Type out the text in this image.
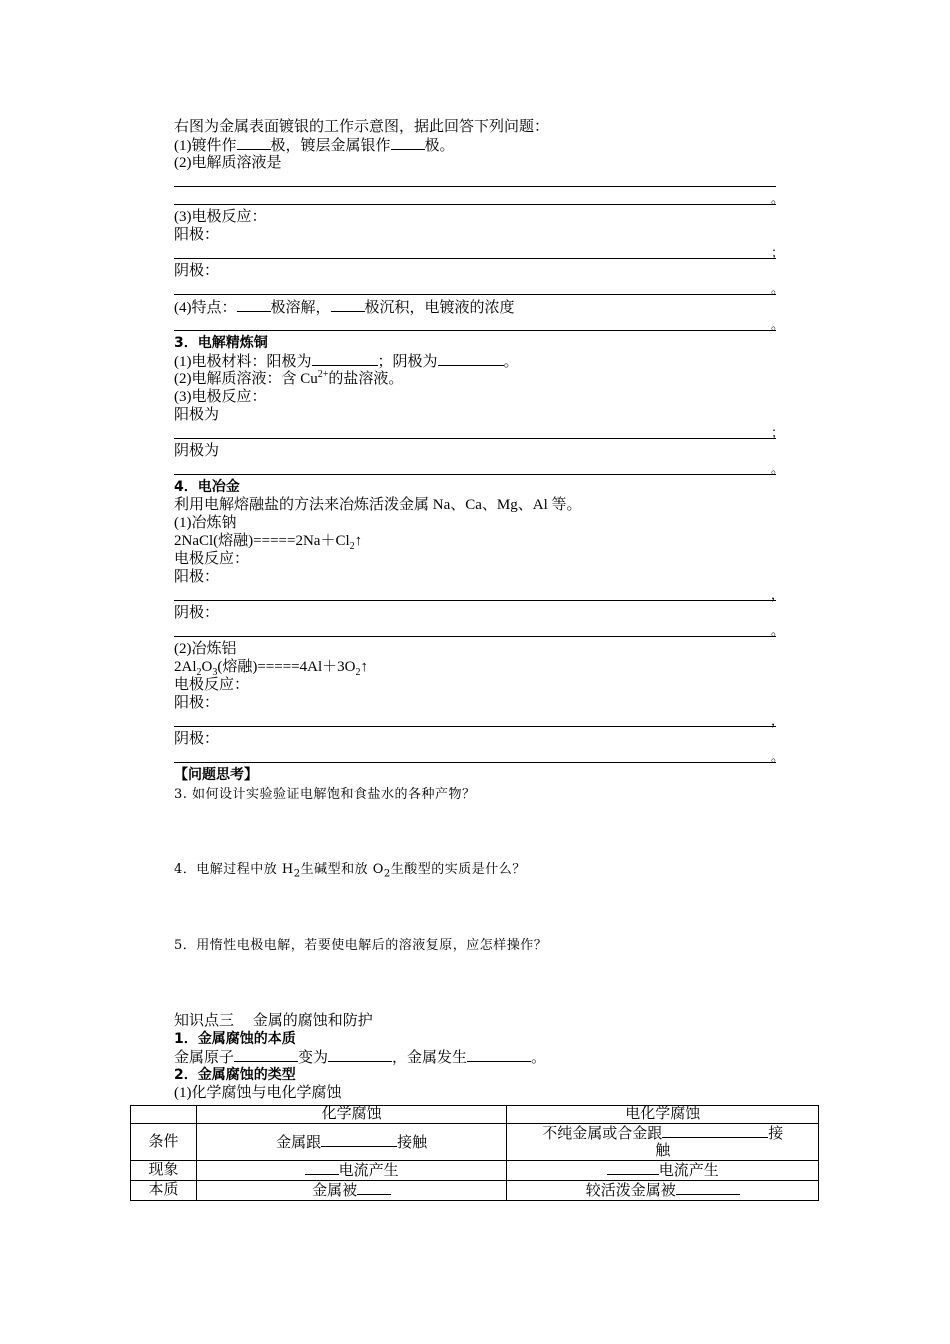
右图为金属表面镀银的工作示意图，据此回答下列问题：
(1)镀件作 极，镀层金属银作 极。
(2)电解质溶液是
。
(3)电极反应：
阳极：
；
阴极：
。
(4)特点： 极溶解， 极沉积，电镀液的浓度
。
3．电解精炼铜
(1)电极材料：阳极为	；阴极为	。
(2)电解质溶液：含 $Cu^{2+}$的盐溶液。
(3)电极反应：
阳极为
；
阴极为
。
4．电冶金
利用电解熔融盐的方法来冶炼活泼金属 Na、Ca、Mg、Al 等。
(1)冶炼钠
2NaCl(熔融)$=====2Na+Cl_2↑$
电极反应：
阳极：
，
阴极：
。
(2)冶炼铝
$2Al_2O_3$(熔融)$=====4Al+3O_2↑$
电极反应：
阳极：
，
阴极：
。
【问题思考】
3. 如何设计实验验证电解饱和食盐水的各种产物？
4．电解过程中放 $H_2$生碱型和放 $O_2$生酸型的实质是什么？
5．用惰性电极电解，若要使电解后的溶液复原，应怎样操作？
知识点三　 金属的腐蚀和防护
1．金属腐蚀的本质
金属原子	变为	，金属发生	。
2．金属腐蚀的类型
(1)化学腐蚀与电化学腐蚀
	化学腐蚀	电化学腐蚀
条件	金属跟 接触	不纯金属或合金跟 接
触
现象	电流产生	电流产生
本质	金属被	较活泼金属被
